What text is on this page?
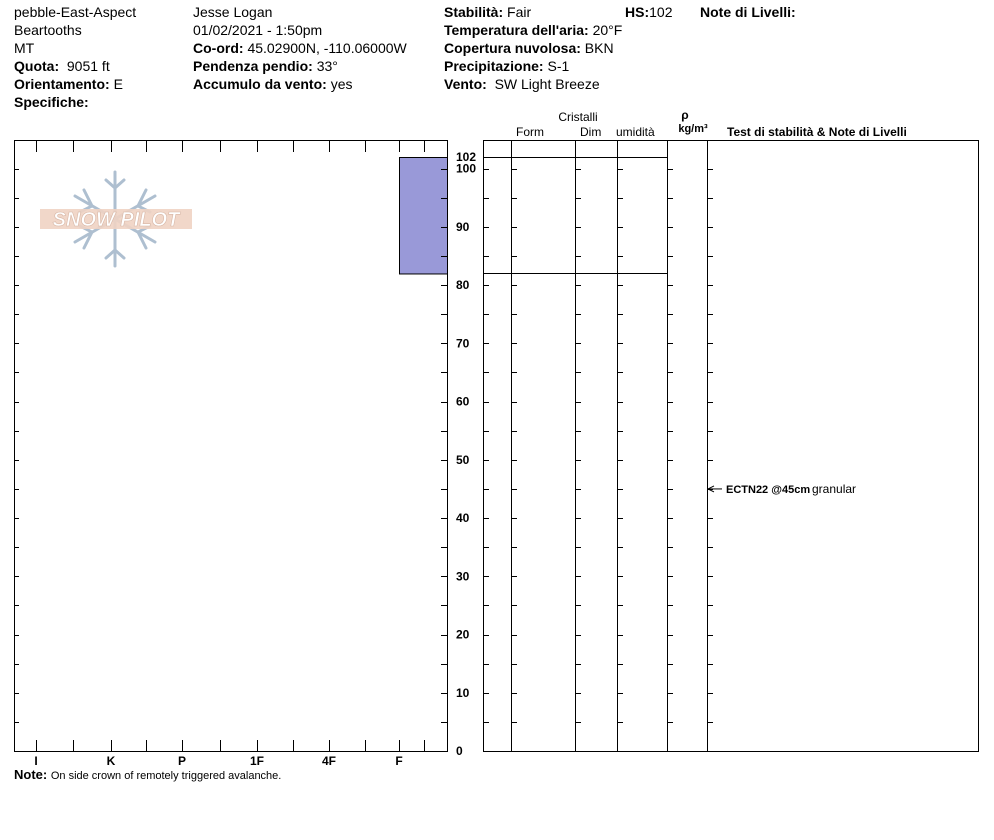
pebble-East-Aspect
Beartooths
MT
Quota: 9051 ft
Orientamento: E
Specifiche:
Jesse Logan
01/02/2021 - 1:50pm
Co-ord: 45.02900N, -110.06000W
Pendenza pendio: 33°
Accumulo da vento: yes
Stabilità: Fair
Temperatura dell'aria: 20°F
Copertura nuvolosa: BKN
Precipitazione: S-1
Vento: SW Light Breeze
HS:102 Note di Livelli:
Cristalli
Form	Dim umidità
ρ
kg/m³	Test di stabilità & Note di Livelli
SNOW PILOT
I	K	P	1F	4F	F
0
10
20
30
40
50
60
70
80
90
100
102
ECTN22 @45cm granular
Note: On side crown of remotely triggered avalanche.
